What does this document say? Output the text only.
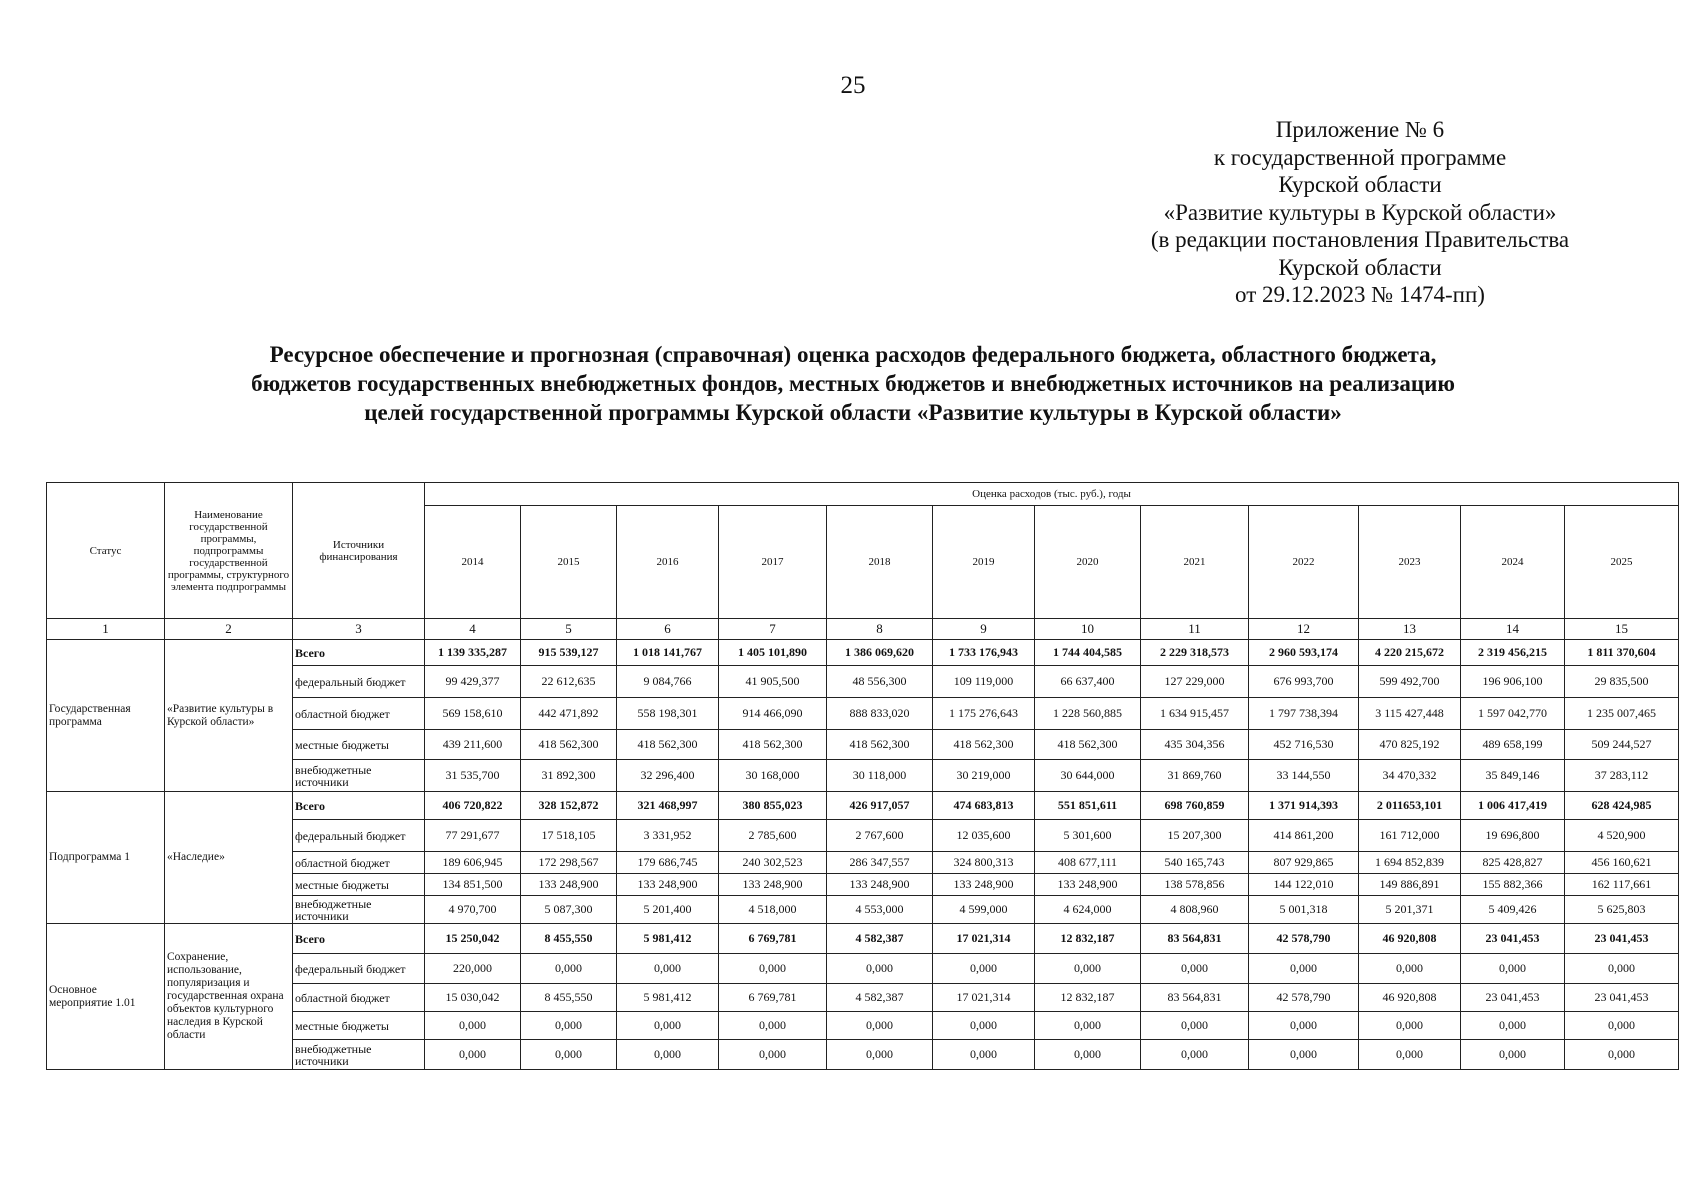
25
Приложение № 6
к государственной программе
Курской области
«Развитие культуры в Курской области»
(в редакции постановления Правительства
Курской области
от 29.12.2023 № 1474-пп)
Ресурсное обеспечение и прогнозная (справочная) оценка расходов федерального бюджета, областного бюджета,
бюджетов государственных внебюджетных фондов, местных бюджетов и внебюджетных источников на реализацию
целей государственной программы Курской области «Развитие культуры в Курской области»
Статус	Наименование государственной программы, подпрограммы государственной программы, структурного элемента подпрограммы	Источники финансирования	Оценка расходов (тыс. руб.), годы											
			2014	2015	2016	2017	2018	2019	2020	2021	2022	2023	2024	2025
1	2	3	4	5	6	7	8	9	10	11	12	13	14	15
Государственная программа	«Развитие культуры в Курской области»	Всего	1 139 335,287	915 539,127	1 018 141,767	1 405 101,890	1 386 069,620	1 733 176,943	1 744 404,585	2 229 318,573	2 960 593,174	4 220 215,672	2 319 456,215	1 811 370,604
		федеральный бюджет	99 429,377	22 612,635	9 084,766	41 905,500	48 556,300	109 119,000	66 637,400	127 229,000	676 993,700	599 492,700	196 906,100	29 835,500
		областной бюджет	569 158,610	442 471,892	558 198,301	914 466,090	888 833,020	1 175 276,643	1 228 560,885	1 634 915,457	1 797 738,394	3 115 427,448	1 597 042,770	1 235 007,465
		местные бюджеты	439 211,600	418 562,300	418 562,300	418 562,300	418 562,300	418 562,300	418 562,300	435 304,356	452 716,530	470 825,192	489 658,199	509 244,527
		внебюджетные источники	31 535,700	31 892,300	32 296,400	30 168,000	30 118,000	30 219,000	30 644,000	31 869,760	33 144,550	34 470,332	35 849,146	37 283,112
Подпрограмма 1	«Наследие»	Всего	406 720,822	328 152,872	321 468,997	380 855,023	426 917,057	474 683,813	551 851,611	698 760,859	1 371 914,393	2 011653,101	1 006 417,419	628 424,985
		федеральный бюджет	77 291,677	17 518,105	3 331,952	2 785,600	2 767,600	12 035,600	5 301,600	15 207,300	414 861,200	161 712,000	19 696,800	4 520,900
		областной бюджет	189 606,945	172 298,567	179 686,745	240 302,523	286 347,557	324 800,313	408 677,111	540 165,743	807 929,865	1 694 852,839	825 428,827	456 160,621
		местные бюджеты	134 851,500	133 248,900	133 248,900	133 248,900	133 248,900	133 248,900	133 248,900	138 578,856	144 122,010	149 886,891	155 882,366	162 117,661
		внебюджетные источники	4 970,700	5 087,300	5 201,400	4 518,000	4 553,000	4 599,000	4 624,000	4 808,960	5 001,318	5 201,371	5 409,426	5 625,803
Основное мероприятие 1.01	Сохранение, использование, популяризация и государственная охрана объектов культурного наследия в Курской области	Всего	15 250,042	8 455,550	5 981,412	6 769,781	4 582,387	17 021,314	12 832,187	83 564,831	42 578,790	46 920,808	23 041,453	23 041,453
		федеральный бюджет	220,000	0,000	0,000	0,000	0,000	0,000	0,000	0,000	0,000	0,000	0,000	0,000
		областной бюджет	15 030,042	8 455,550	5 981,412	6 769,781	4 582,387	17 021,314	12 832,187	83 564,831	42 578,790	46 920,808	23 041,453	23 041,453
		местные бюджеты	0,000	0,000	0,000	0,000	0,000	0,000	0,000	0,000	0,000	0,000	0,000	0,000
		внебюджетные источники	0,000	0,000	0,000	0,000	0,000	0,000	0,000	0,000	0,000	0,000	0,000	0,000
